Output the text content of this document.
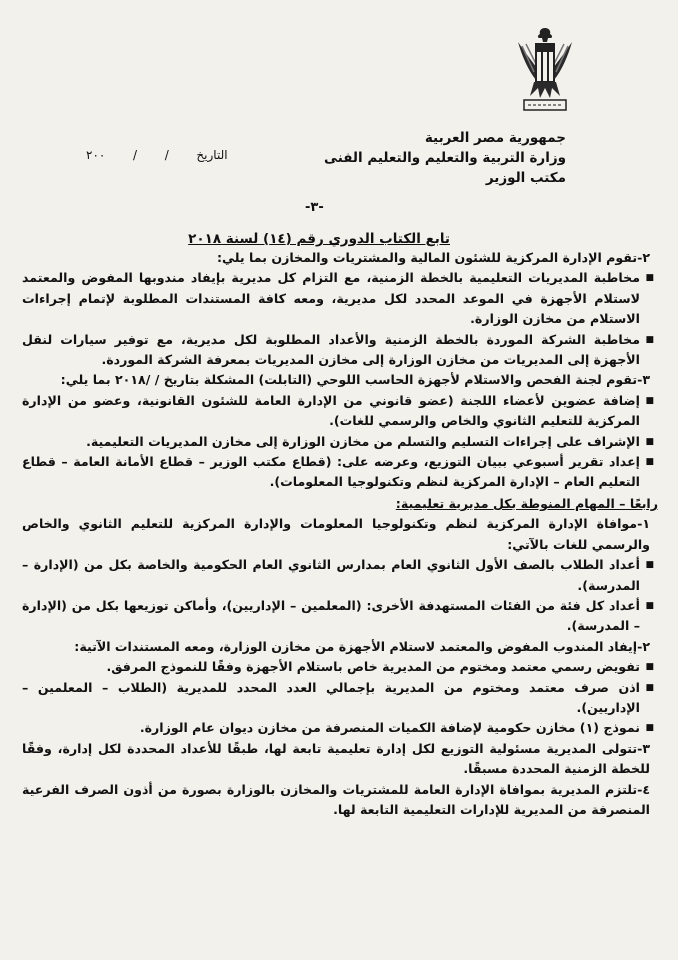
جمهورية مصر العربية
وزارة التربية والتعليم والتعليم الفنى
مكتب الوزير
التاريخ  /  /  ٢٠٠
-٣-
تابع الكتاب الدوري رقم (١٤) لسنة ٢٠١٨

٢-تقوم الإدارة المركزية للشئون المالية والمشتريات والمخازن بما يلي:

■ مخاطبة المديريات التعليمية بالخطة الزمنية، مع التزام كل مديرية بإيفاد مندوبها المفوض والمعتمد لاستلام الأجهزة في الموعد المحدد لكل مديرية، ومعه كافة المستندات المطلوبة لإتمام إجراءات الاستلام من مخازن الوزارة.

■ مخاطبة الشركة الموردة بالخطة الزمنية والأعداد المطلوبة لكل مديرية، مع توفير سيارات لنقل الأجهزة إلى المديريات من مخازن الوزارة إلى مخازن المديريات بمعرفة الشركة الموردة.

٣-تقوم لجنة الفحص والاستلام لأجهزة الحاسب اللوحي (التابلت) المشكلة بتاريخ / /٢٠١٨ بما يلي:

■ إضافة عضوين لأعضاء اللجنة (عضو قانوني من الإدارة العامة للشئون القانونية، وعضو من الإدارة المركزية للتعليم الثانوي والخاص والرسمي للغات).

■ الإشراف على إجراءات التسليم والتسلم من مخازن الوزارة إلى مخازن المديريات التعليمية.

■ إعداد تقرير أسبوعي ببيان التوزيع، وعرضه على: (قطاع مكتب الوزير – قطاع الأمانة العامة – قطاع التعليم العام – الإدارة المركزية لنظم وتكنولوجيا المعلومات).

رابعًا – المهام المنوطة بكل مديرية تعليمية:

١-موافاة الإدارة المركزية لنظم وتكنولوجيا المعلومات والإدارة المركزية للتعليم الثانوي والخاص والرسمي للغات بالآتي:

■ أعداد الطلاب بالصف الأول الثانوي العام بمدارس الثانوي العام الحكومية والخاصة بكل من (الإدارة – المدرسة).

■ أعداد كل فئة من الفئات المستهدفة الأخرى: (المعلمين – الإداريين)، وأماكن توزيعها بكل من (الإدارة – المدرسة).

٢-إيفاد المندوب المفوض والمعتمد لاستلام الأجهزة من مخازن الوزارة، ومعه المستندات الآتية:

■ تفويض رسمي معتمد ومختوم من المديرية خاص باستلام الأجهزة وفقًا للنموذج المرفق.

■ اذن صرف معتمد ومختوم من المديرية بإجمالي العدد المحدد للمديرية (الطلاب – المعلمين – الإداريين).

■ نموذج (١) مخازن حكومية لإضافة الكميات المنصرفة من مخازن ديوان عام الوزارة.

٣-تتولى المديرية مسئولية التوزيع لكل إدارة تعليمية تابعة لها، طبقًا للأعداد المحددة لكل إدارة، وفقًا للخطة الزمنية المحددة مسبقًا.

٤-تلتزم المديرية بموافاة الإدارة العامة للمشتريات والمخازن بالوزارة بصورة من أذون الصرف الفرعية المنصرفة من المديرية للإدارات التعليمية التابعة لها.
